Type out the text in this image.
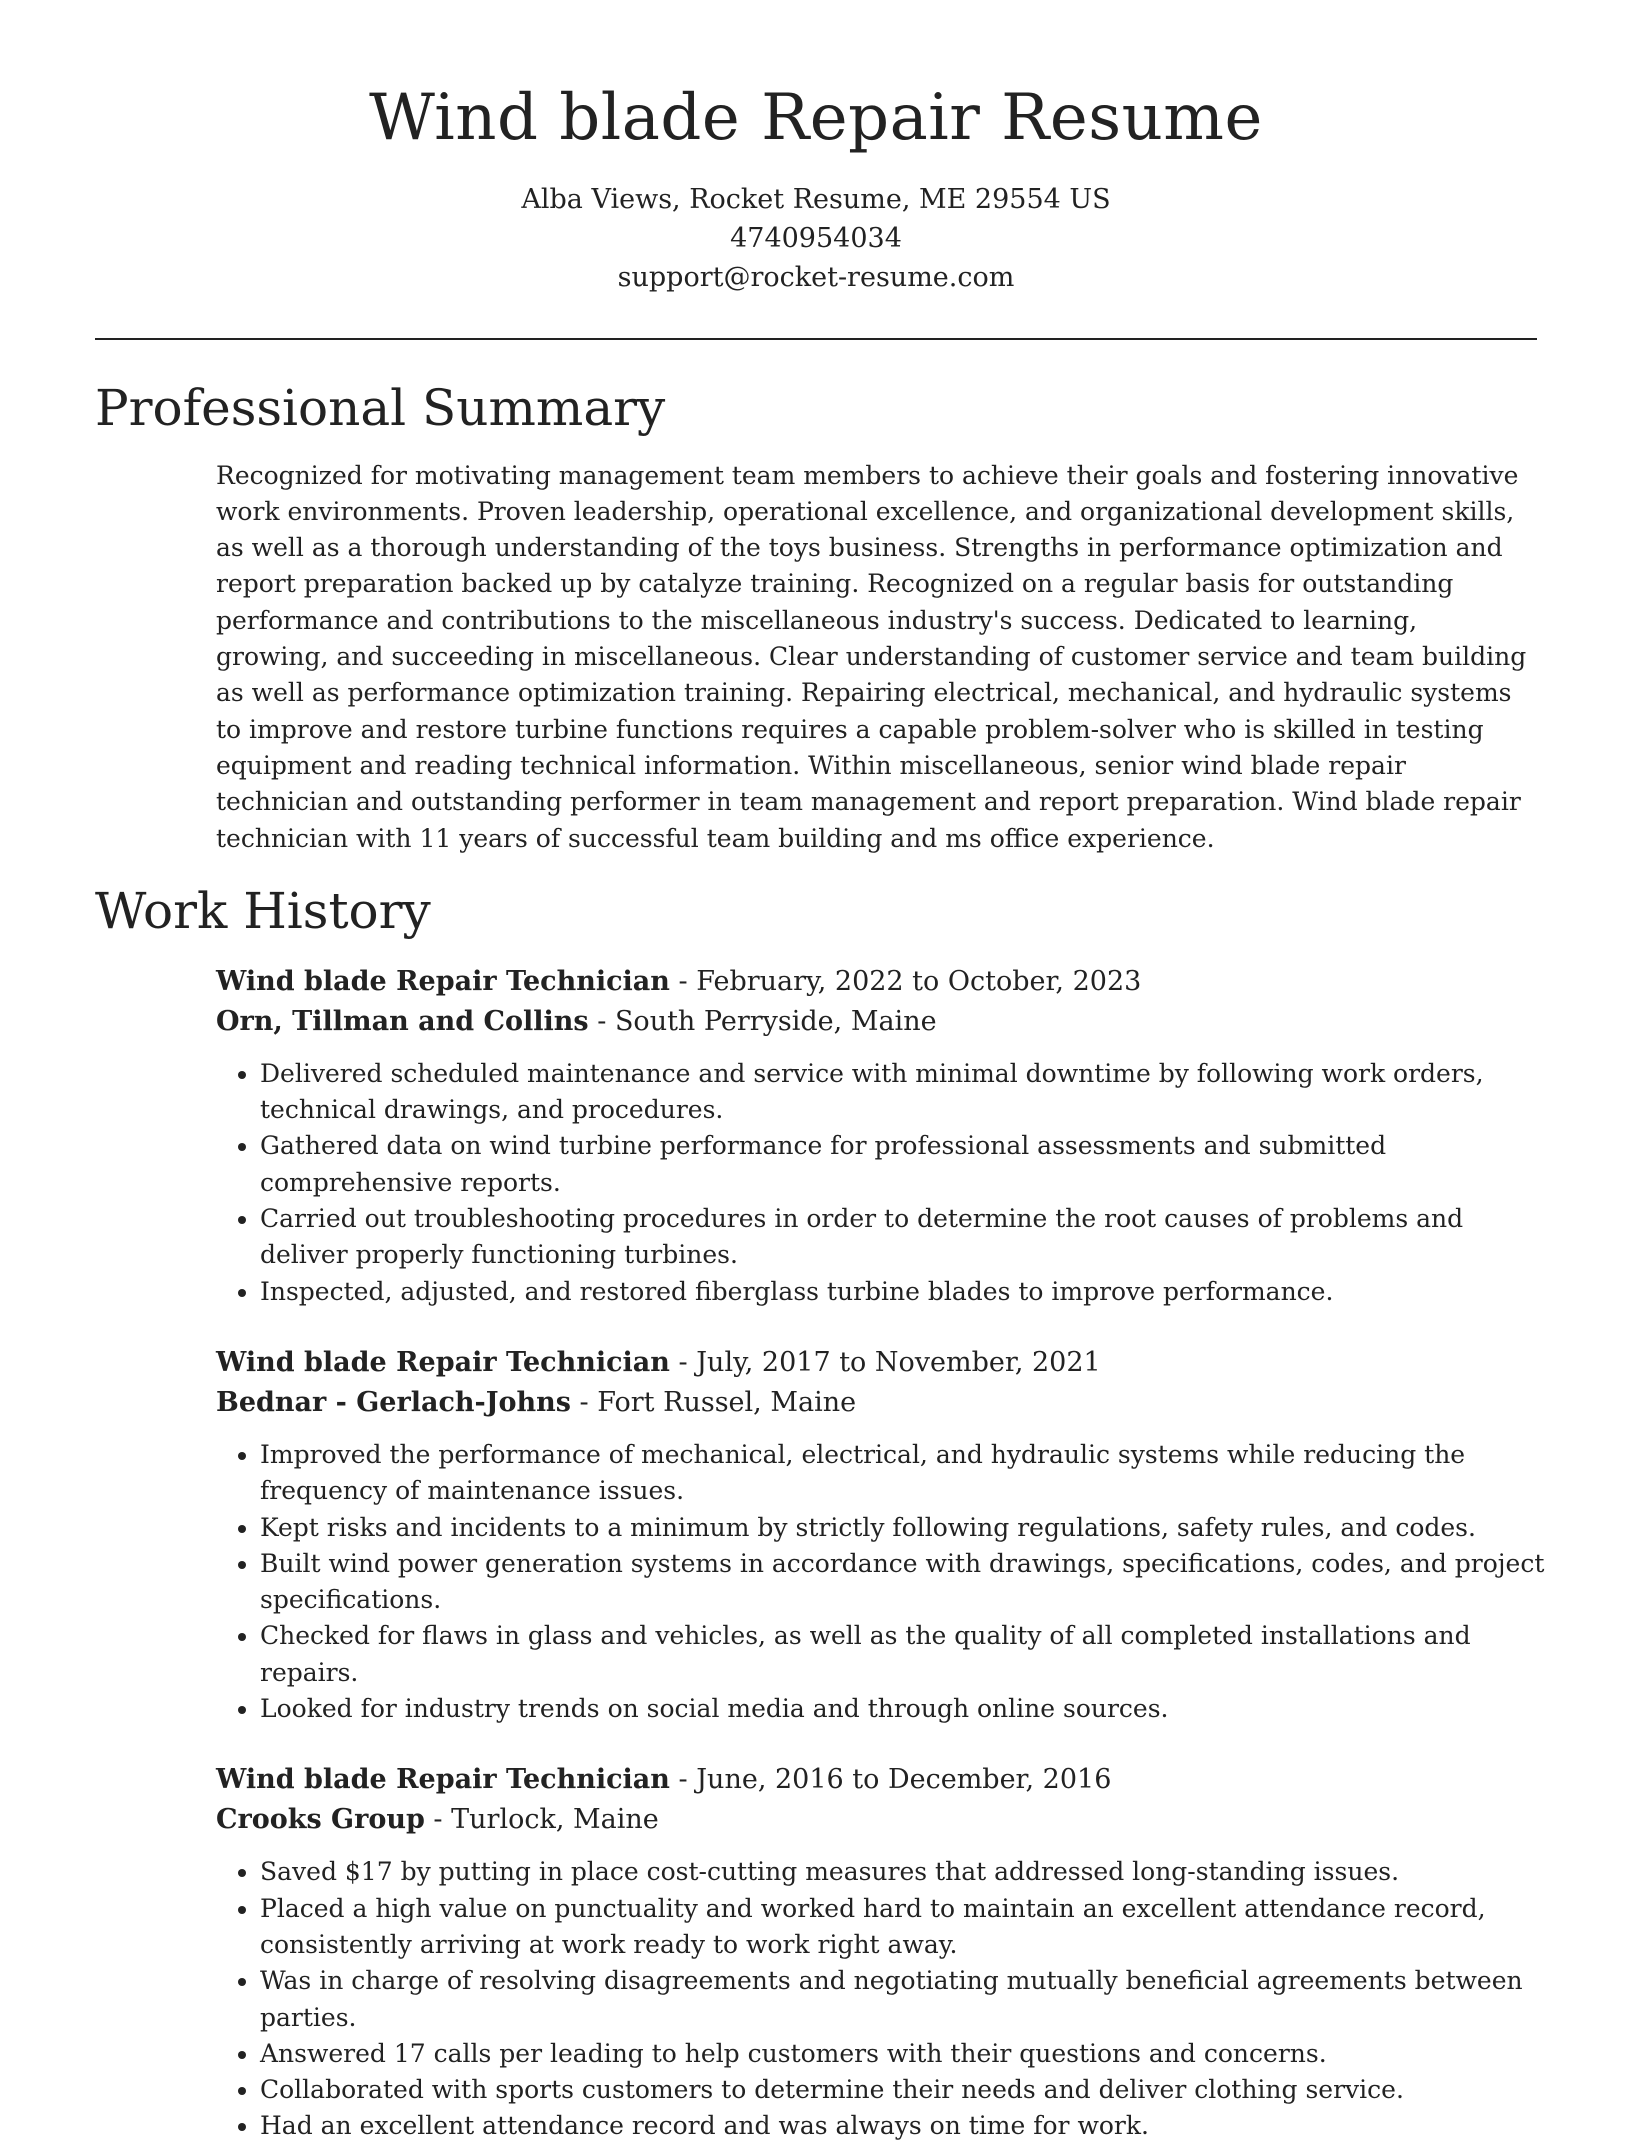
Wind blade Repair Resume
Alba Views, Rocket Resume, ME 29554 US
4740954034
support@rocket-resume.com
Professional Summary

Recognized for motivating management team members to achieve their goals and fostering innovative work environments. Proven leadership, operational excellence, and organizational development skills, as well as a thorough understanding of the toys business. Strengths in performance optimization and report preparation backed up by catalyze training. Recognized on a regular basis for outstanding performance and contributions to the miscellaneous industry's success. Dedicated to learning, growing, and succeeding in miscellaneous. Clear understanding of customer service and team building as well as performance optimization training. Repairing electrical, mechanical, and hydraulic systems to improve and restore turbine functions requires a capable problem-solver who is skilled in testing equipment and reading technical information. Within miscellaneous, senior wind blade repair technician and outstanding performer in team management and report preparation. Wind blade repair technician with 11 years of successful team building and ms office experience.

Work History
Wind blade Repair Technician - February, 2022 to October, 2023
Orn, Tillman and Collins - South Perryside, Maine
• Delivered scheduled maintenance and service with minimal downtime by following work orders, technical drawings, and procedures.
• Gathered data on wind turbine performance for professional assessments and submitted comprehensive reports.
• Carried out troubleshooting procedures in order to determine the root causes of problems and deliver properly functioning turbines.
• Inspected, adjusted, and restored fiberglass turbine blades to improve performance.
Wind blade Repair Technician - July, 2017 to November, 2021
Bednar - Gerlach-Johns - Fort Russel, Maine
• Improved the performance of mechanical, electrical, and hydraulic systems while reducing the frequency of maintenance issues.
• Kept risks and incidents to a minimum by strictly following regulations, safety rules, and codes.
• Built wind power generation systems in accordance with drawings, specifications, codes, and project specifications.
• Checked for flaws in glass and vehicles, as well as the quality of all completed installations and repairs.
• Looked for industry trends on social media and through online sources.
Wind blade Repair Technician - June, 2016 to December, 2016
Crooks Group - Turlock, Maine
• Saved $17 by putting in place cost-cutting measures that addressed long-standing issues.
• Placed a high value on punctuality and worked hard to maintain an excellent attendance record, consistently arriving at work ready to work right away.
• Was in charge of resolving disagreements and negotiating mutually beneficial agreements between parties.
• Answered 17 calls per leading to help customers with their questions and concerns.
• Collaborated with sports customers to determine their needs and deliver clothing service.
• Had an excellent attendance record and was always on time for work.
